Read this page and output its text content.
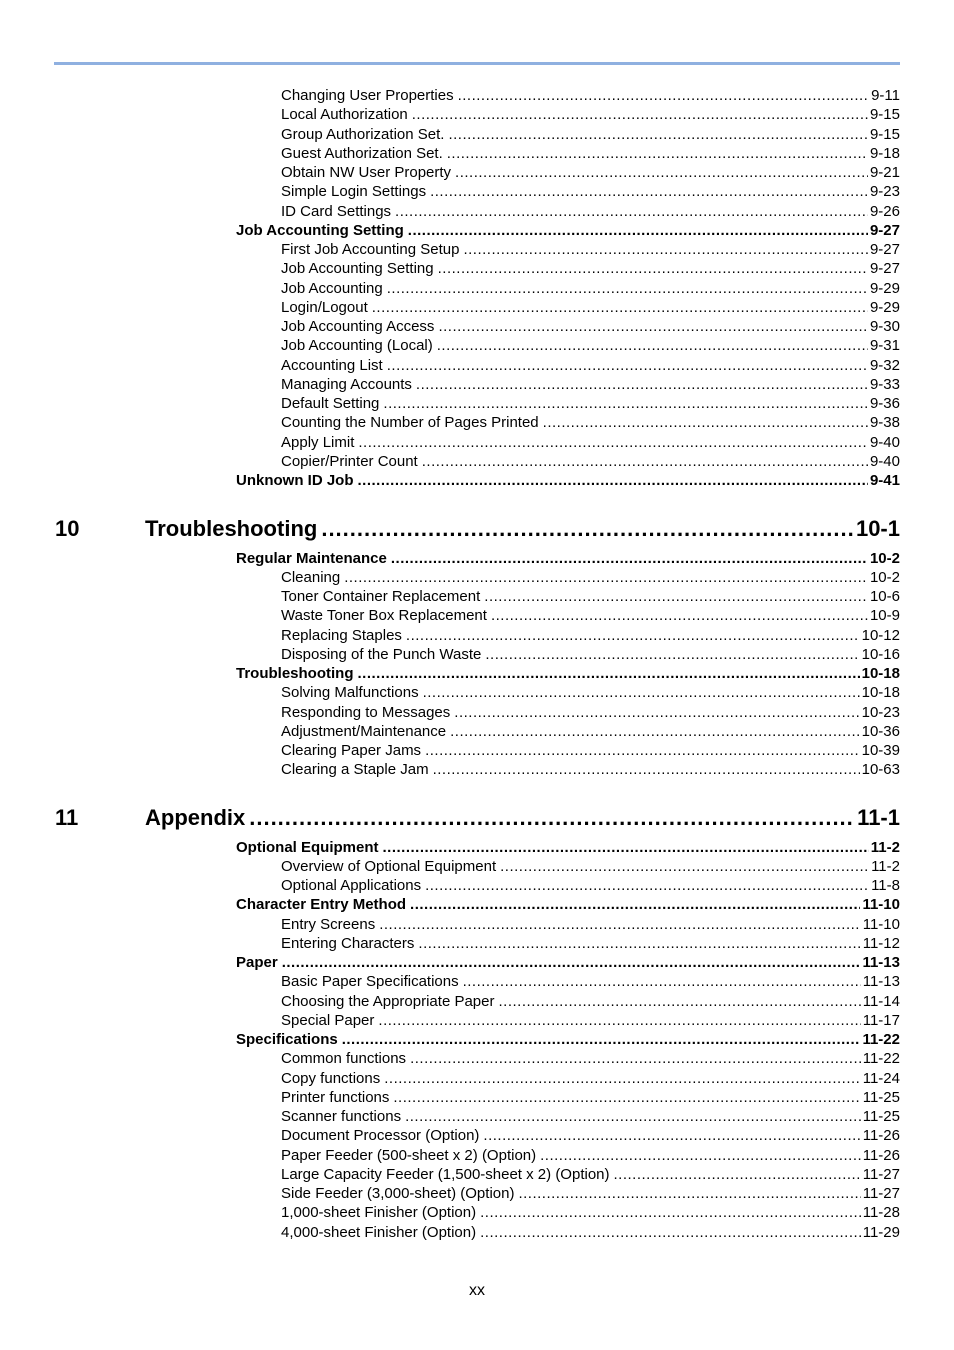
Changing User Properties .....	9-11
Local Authorization .....	9-15
Group Authorization Set. .....	9-15
Guest Authorization Set. .....	9-18
Obtain NW User Property .....	9-21
Simple Login Settings .....	9-23
ID Card Settings .....	9-26
Job Accounting Setting .....	9-27
First Job Accounting Setup .....	9-27
Job Accounting Setting .....	9-27
Job Accounting .....	9-29
Login/Logout .....	9-29
Job Accounting Access .....	9-30
Job Accounting (Local) .....	9-31
Accounting List .....	9-32
Managing Accounts .....	9-33
Default Setting .....	9-36
Counting the Number of Pages Printed .....	9-38
Apply Limit .....	9-40
Copier/Printer Count .....	9-40
Unknown ID Job .....	9-41
10	Troubleshooting .....	10-1
Regular Maintenance .....	10-2
Cleaning .....	10-2
Toner Container Replacement .....	10-6
Waste Toner Box Replacement .....	10-9
Replacing Staples .....	10-12
Disposing of the Punch Waste .....	10-16
Troubleshooting .....	10-18
Solving Malfunctions .....	10-18
Responding to Messages .....	10-23
Adjustment/Maintenance .....	10-36
Clearing Paper Jams .....	10-39
Clearing a Staple Jam .....	10-63
11	Appendix .....	11-1
Optional Equipment .....	11-2
Overview of Optional Equipment .....	11-2
Optional Applications .....	11-8
Character Entry Method .....	11-10
Entry Screens .....	11-10
Entering Characters .....	11-12
Paper .....	11-13
Basic Paper Specifications .....	11-13
Choosing the Appropriate Paper .....	11-14
Special Paper .....	11-17
Specifications .....	11-22
Common functions .....	11-22
Copy functions .....	11-24
Printer functions .....	11-25
Scanner functions .....	11-25
Document Processor (Option) .....	11-26
Paper Feeder (500-sheet x 2) (Option) .....	11-26
Large Capacity Feeder (1,500-sheet x 2) (Option) .....	11-27
Side Feeder (3,000-sheet) (Option) .....	11-27
1,000-sheet Finisher (Option) .....	11-28
4,000-sheet Finisher (Option) .....	11-29
xx
